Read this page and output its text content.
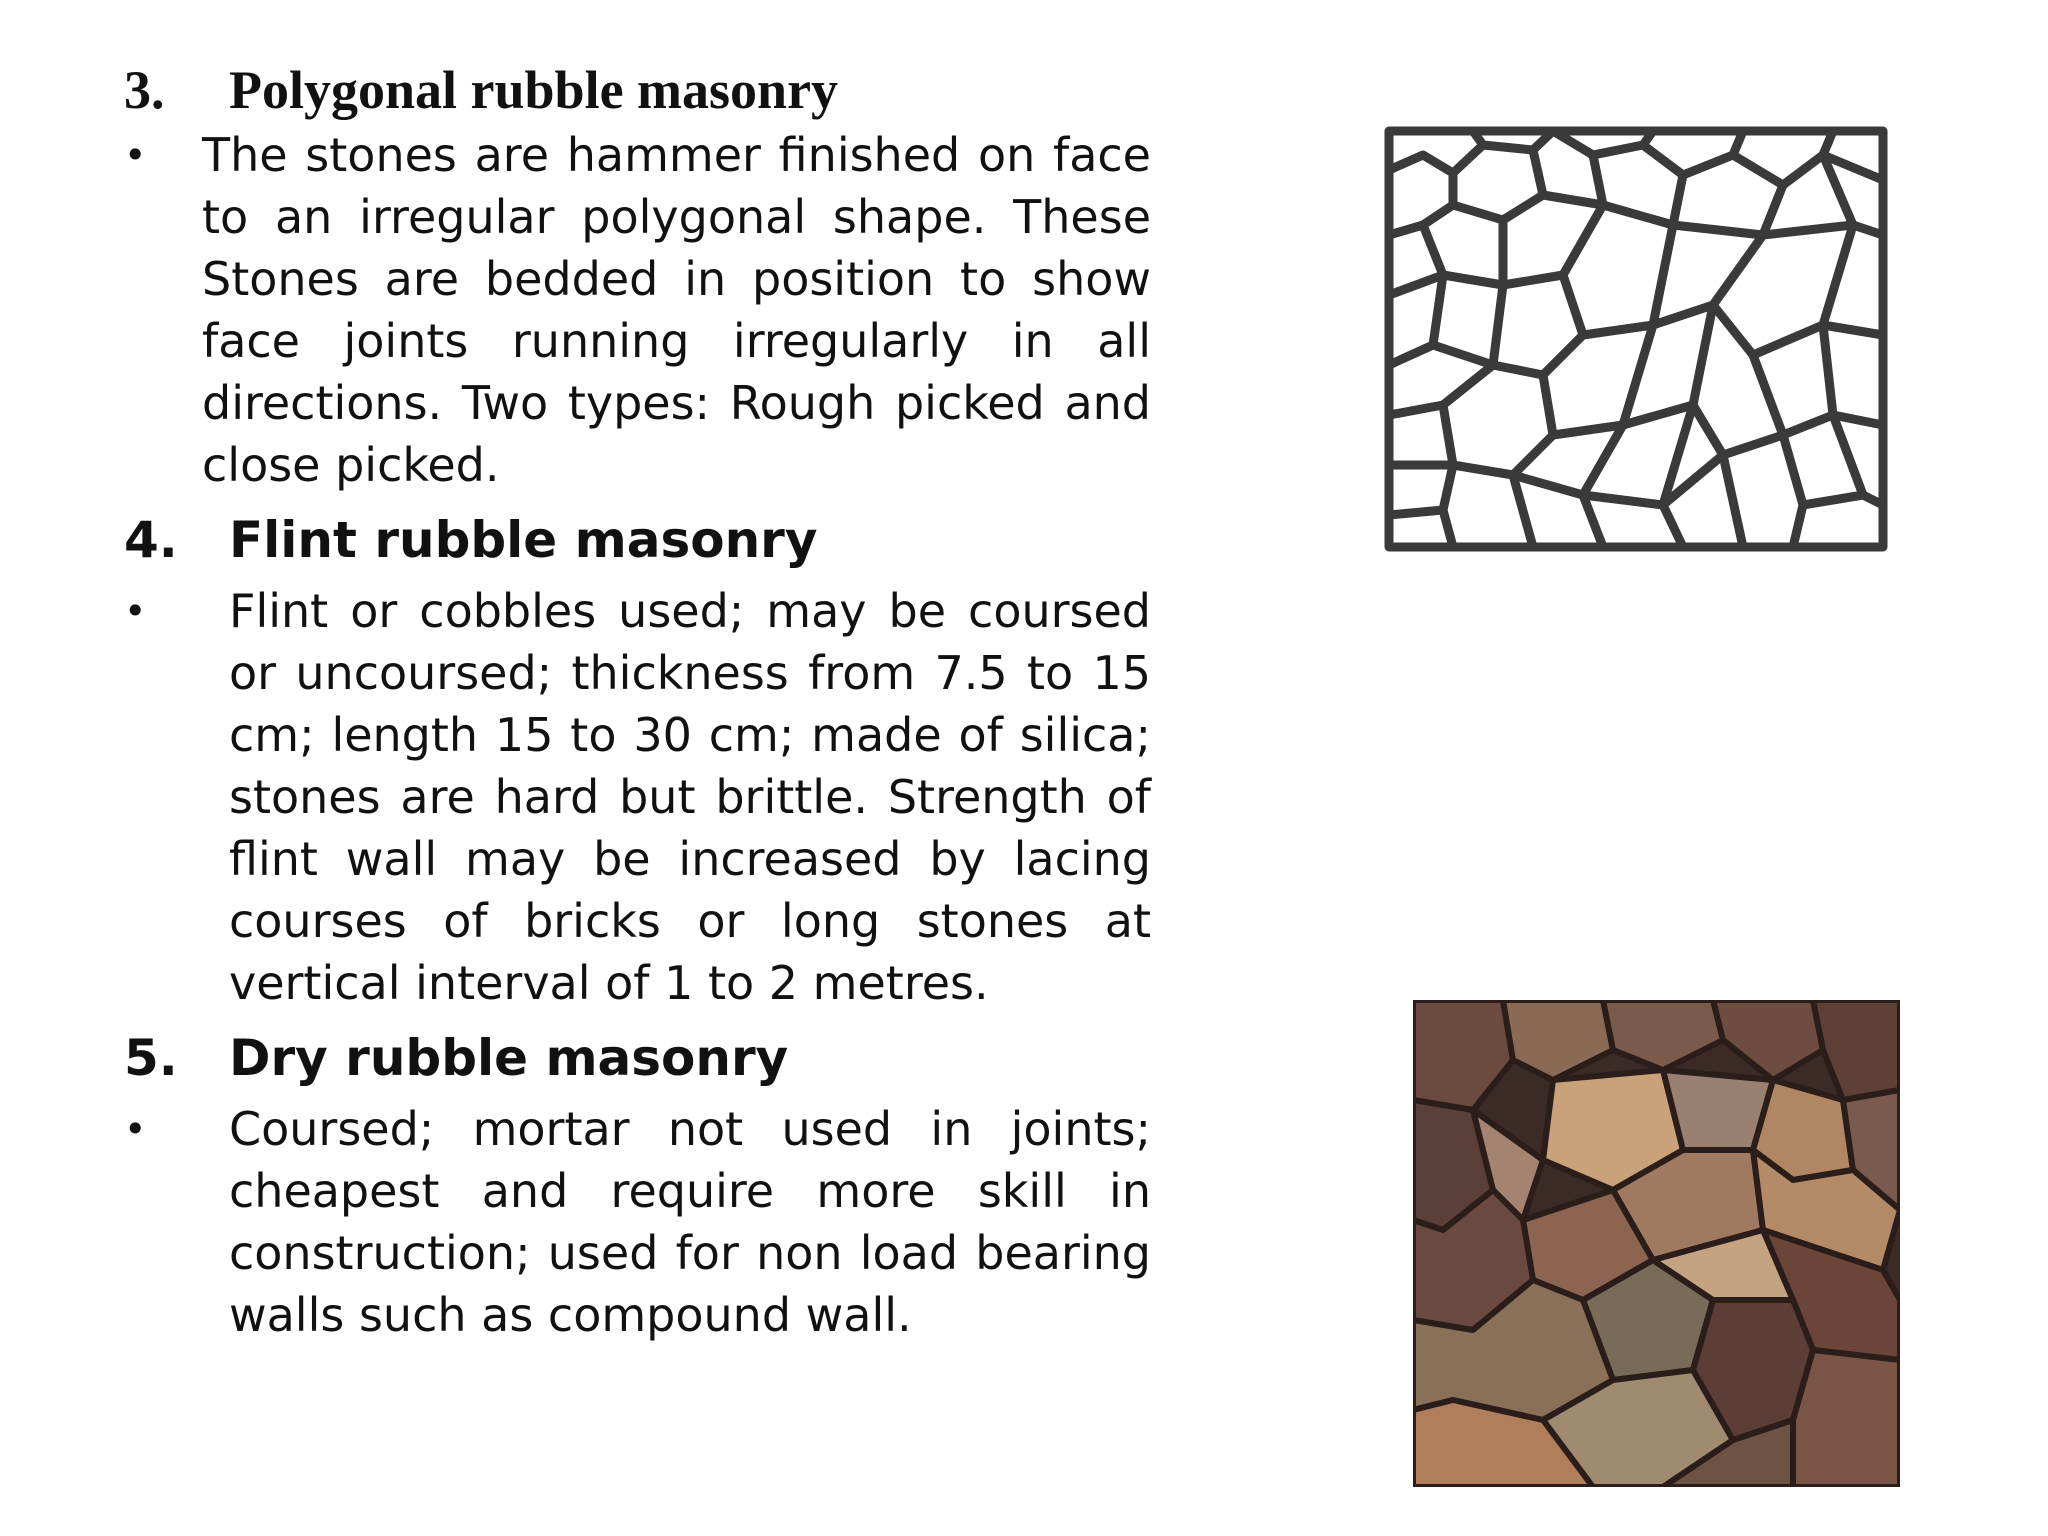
3.	Polygonal rubble masonry
•	The stones are hammer finished on face to an irregular polygonal shape. These Stones are bedded in position to show face joints running irregularly in all directions. Two types: Rough picked and close picked.
4.	Flint rubble masonry
•	Flint or cobbles used; may be coursed or uncoursed; thickness from 7.5 to 15 cm; length 15 to 30 cm; made of silica; stones are hard but brittle. Strength of flint wall may be increased by lacing courses of bricks or long stones at vertical interval of 1 to 2 metres.
5.	Dry rubble masonry
•	Coursed; mortar not used in joints; cheapest and require more skill in construction; used for non load bearing walls such as compound wall.
